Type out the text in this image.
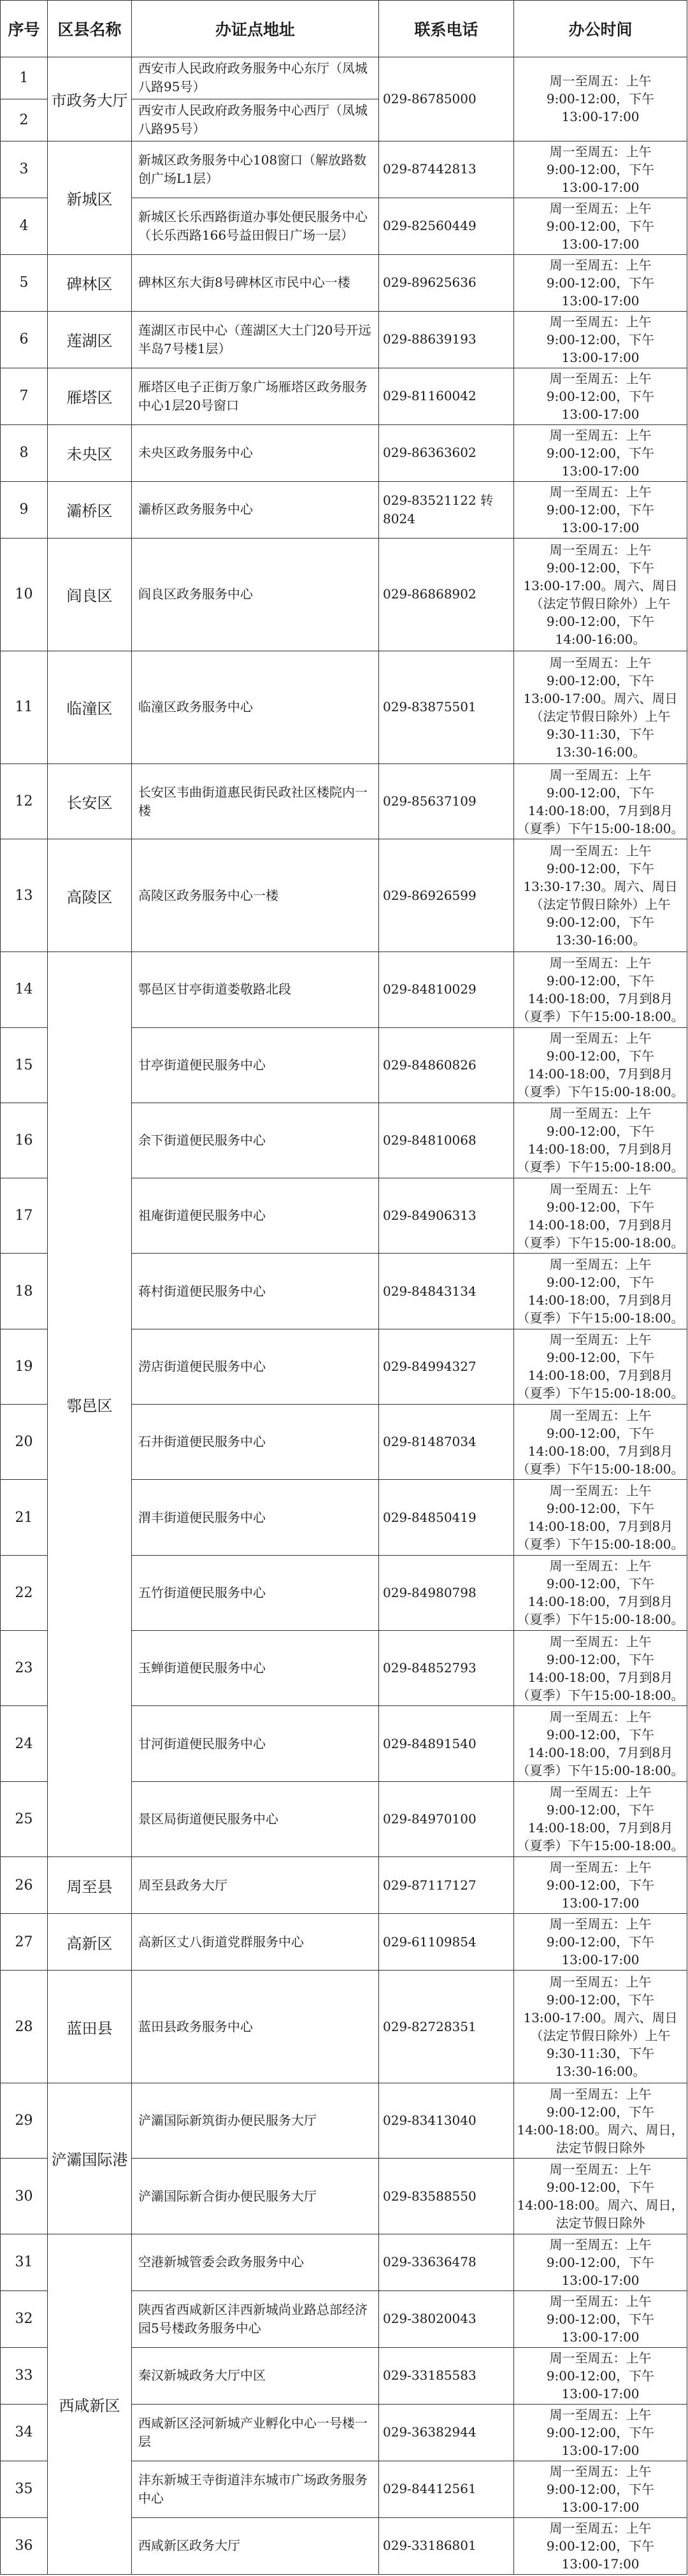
序号	区县名称	办证点地址	联系电话	办公时间
1	市政务大厅	西安市人民政府政务服务中心东厅（凤城八路95号）	029-86785000	周一至周五：上午
9:00-12:00，下午
13:00-17:00
2		西安市人民政府政务服务中心西厅（凤城八路95号）		
3	新城区	新城区政务服务中心108窗口（解放路数创广场L1层）	029-87442813	周一至周五：上午
9:00-12:00，下午
13:00-17:00
4		新城区长乐西路街道办事处便民服务中心（长乐西路166号益田假日广场一层）	029-82560449	周一至周五：上午
9:00-12:00，下午
13:00-17:00
5	碑林区	碑林区东大街8号碑林区市民中心一楼	029-89625636	周一至周五：上午
9:00-12:00，下午
13:00-17:00
6	莲湖区	莲湖区市民中心（莲湖区大土门20号开远半岛7号楼1层）	029-88639193	周一至周五：上午
9:00-12:00，下午
13:00-17:00
7	雁塔区	雁塔区电子正街万象广场雁塔区政务服务中心1层20号窗口	029-81160042	周一至周五：上午
9:00-12:00，下午
13:00-17:00
8	未央区	未央区政务服务中心	029-86363602	周一至周五：上午
9:00-12:00，下午
13:00-17:00
9	灞桥区	灞桥区政务服务中心	029-83521122 转8024	周一至周五：上午
9:00-12:00，下午
13:00-17:00
10	阎良区	阎良区政务服务中心	029-86868902	周一至周五：上午
9:00-12:00，下午
13:00-17:00。周六、周日（法定节假日除外）上午
9:00-12:00，下午
14:00-16:00。
11	临潼区	临潼区政务服务中心	029-83875501	周一至周五：上午
9:00-12:00，下午
13:00-17:00。周六、周日（法定节假日除外）上午
9:30-11:30，下午
13:30-16:00。
12	长安区	长安区韦曲街道惠民街民政社区楼院内一楼	029-85637109	周一至周五：上午
9:00-12:00，下午
14:00-18:00，7月到8月（夏季）下午15:00-18:00。
13	高陵区	高陵区政务服务中心一楼	029-86926599	周一至周五：上午
9:00-12:00，下午
13:30-17:30。周六、周日（法定节假日除外）上午
9:00-12:00，下午
13:30-16:00。
14	鄠邑区	鄠邑区甘亭街道娄敬路北段	029-84810029	周一至周五：上午
9:00-12:00，下午
14:00-18:00，7月到8月（夏季）下午15:00-18:00。
15		甘亭街道便民服务中心	029-84860826	周一至周五：上午
9:00-12:00，下午
14:00-18:00，7月到8月（夏季）下午15:00-18:00。
16		余下街道便民服务中心	029-84810068	周一至周五：上午
9:00-12:00，下午
14:00-18:00，7月到8月（夏季）下午15:00-18:00。
17		祖庵街道便民服务中心	029-84906313	周一至周五：上午
9:00-12:00，下午
14:00-18:00，7月到8月（夏季）下午15:00-18:00。
18		蒋村街道便民服务中心	029-84843134	周一至周五：上午
9:00-12:00，下午
14:00-18:00，7月到8月（夏季）下午15:00-18:00。
19		涝店街道便民服务中心	029-84994327	周一至周五：上午
9:00-12:00，下午
14:00-18:00，7月到8月（夏季）下午15:00-18:00。
20		石井街道便民服务中心	029-81487034	周一至周五：上午
9:00-12:00，下午
14:00-18:00，7月到8月（夏季）下午15:00-18:00。
21		渭丰街道便民服务中心	029-84850419	周一至周五：上午
9:00-12:00，下午
14:00-18:00，7月到8月（夏季）下午15:00-18:00。
22		五竹街道便民服务中心	029-84980798	周一至周五：上午
9:00-12:00，下午
14:00-18:00，7月到8月（夏季）下午15:00-18:00。
23		玉蝉街道便民服务中心	029-84852793	周一至周五：上午
9:00-12:00，下午
14:00-18:00，7月到8月（夏季）下午15:00-18:00。
24		甘河街道便民服务中心	029-84891540	周一至周五：上午
9:00-12:00，下午
14:00-18:00，7月到8月（夏季）下午15:00-18:00。
25		景区局街道便民服务中心	029-84970100	周一至周五：上午
9:00-12:00，下午
14:00-18:00，7月到8月（夏季）下午15:00-18:00。
26	周至县	周至县政务大厅	029-87117127	周一至周五：上午
9:00-12:00，下午
13:00-17:00
27	高新区	高新区丈八街道党群服务中心	029-61109854	周一至周五：上午
9:00-12:00，下午
13:00-17:00
28	蓝田县	蓝田县政务服务中心	029-82728351	周一至周五：上午
9:00-12:00，下午
13:00-17:00。周六、周日（法定节假日除外）上午
9:30-11:30，下午
13:30-16:00。
29	浐灞国际港	浐灞国际新筑街办便民服务大厅	029-83413040	周一至周五：上午
9:00-12:00，下午
14:00-18:00。周六、周日，法定节假日除外
30		浐灞国际新合街办便民服务大厅	029-83588550	周一至周五：上午
9:00-12:00，下午
14:00-18:00。周六、周日，法定节假日除外
31	西咸新区	空港新城管委会政务服务中心	029-33636478	周一至周五：上午
9:00-12:00，下午
13:00-17:00
32		陕西省西咸新区沣西新城尚业路总部经济园5号楼政务服务中心	029-38020043	周一至周五：上午
9:00-12:00，下午
13:00-17:00
33		秦汉新城政务大厅中区	029-33185583	周一至周五：上午
9:00-12:00，下午
13:00-17:00
34		西咸新区泾河新城产业孵化中心一号楼一层	029-36382944	周一至周五：上午
9:00-12:00，下午
13:00-17:00
35		沣东新城王寺街道沣东城市广场政务服务中心	029-84412561	周一至周五：上午
9:00-12:00，下午
13:00-17:00
36		西咸新区政务大厅	029-33186801	周一至周五：上午
9:00-12:00，下午
13:00-17:00
